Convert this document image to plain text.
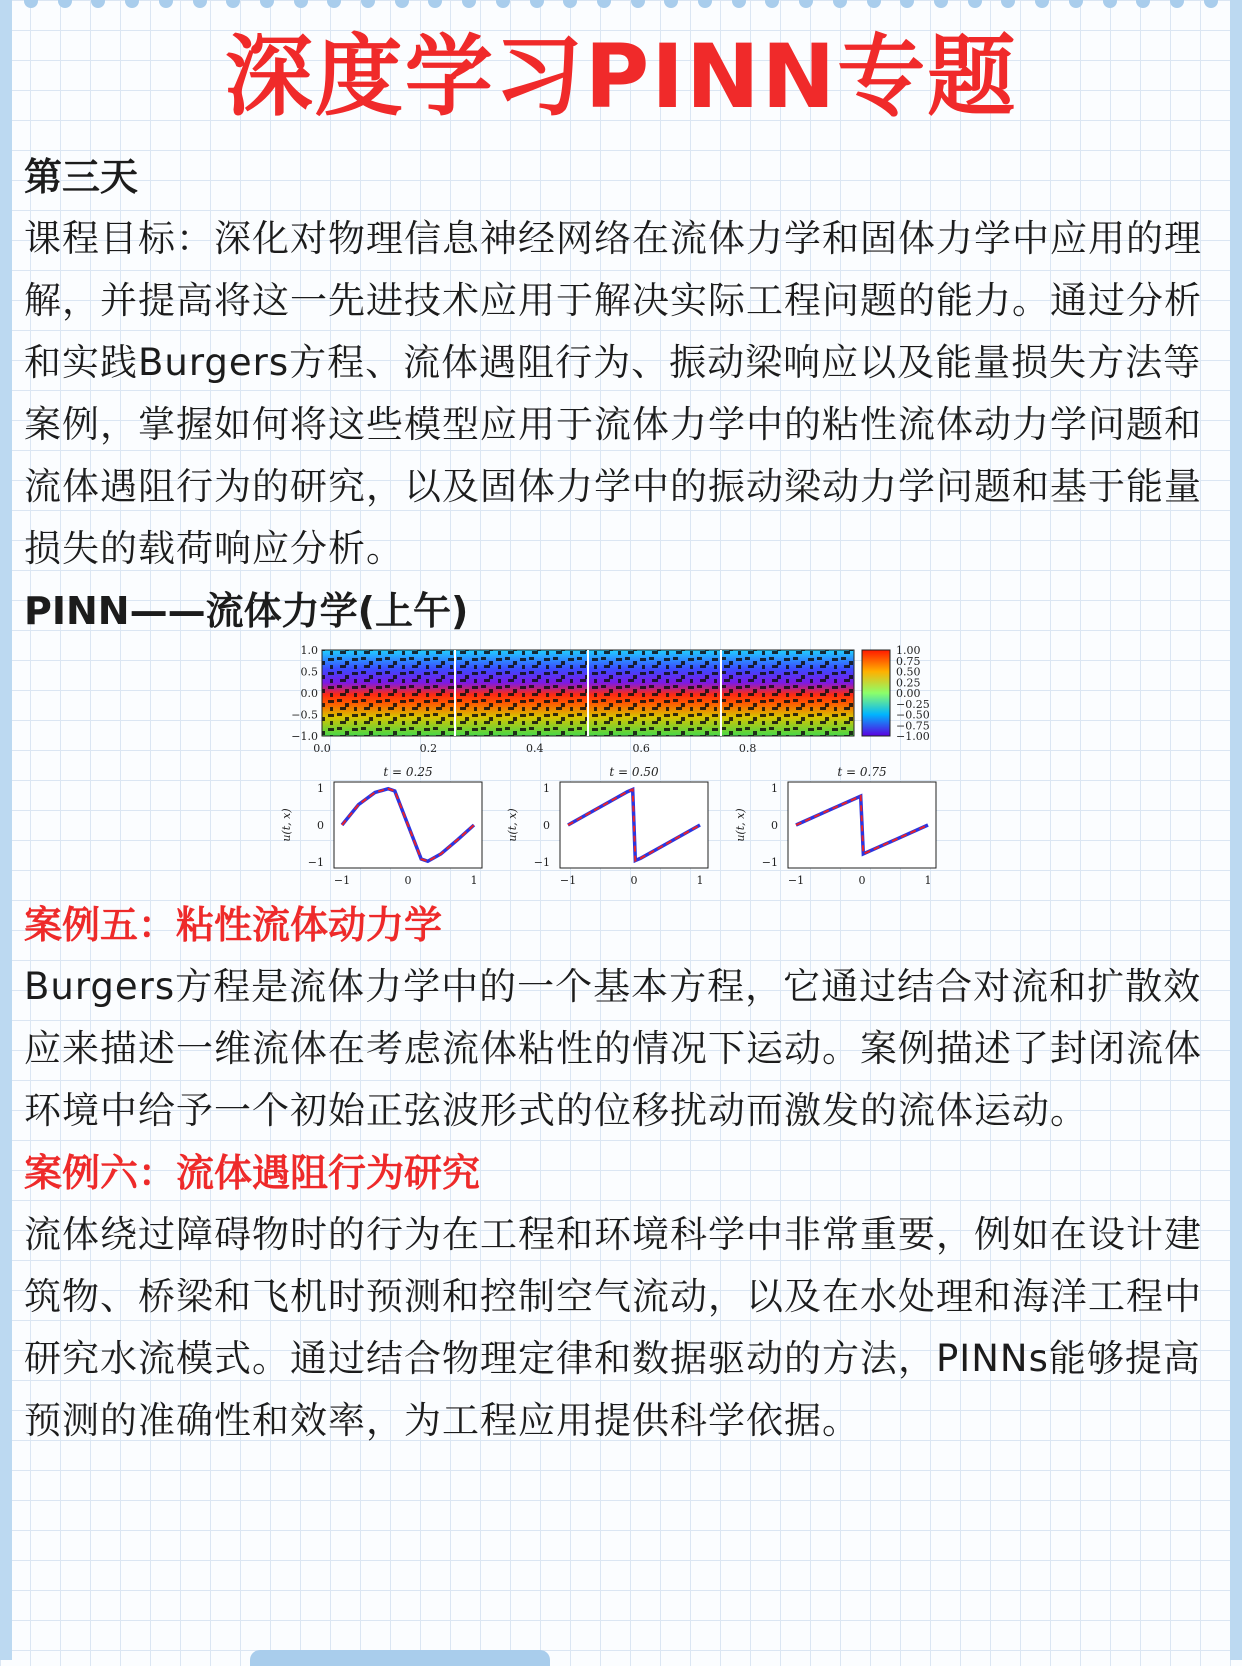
深度学习PINN专题

第三天

课程目标：深化对物理信息神经网络在流体力学和固体力学中应用的理解，并提高将这一先进技术应用于解决实际工程问题的能力。通过分析和实践Burgers方程、流体遇阻行为、振动梁响应以及能量损失方法等案例，掌握如何将这些模型应用于流体力学中的粘性流体动力学问题和流体遇阻行为的研究，以及固体力学中的振动梁动力学问题和基于能量损失的载荷响应分析。

PINN——流体力学(上午)

1.0
0.5
0.0
−0.5
−1.0
0.0	0.2	0.4	0.6	0.8
1.00
0.75
0.50
0.25
0.00
−0.25
−0.50
−0.75
−1.00
t = 0.25
u(t, x)
1
0
−1
−1	0	1
t = 0.50
u(t, x)
1
0
−1
−1	0	1
t = 0.75
u(t, x)
1
0
−1
−1	0	1

案例五：粘性流体动力学

Burgers方程是流体力学中的一个基本方程，它通过结合对流和扩散效应来描述一维流体在考虑流体粘性的情况下运动。案例描述了封闭流体环境中给予一个初始正弦波形式的位移扰动而激发的流体运动。

案例六：流体遇阻行为研究

流体绕过障碍物时的行为在工程和环境科学中非常重要，例如在设计建筑物、桥梁和飞机时预测和控制空气流动，以及在水处理和海洋工程中研究水流模式。通过结合物理定律和数据驱动的方法，PINNs能够提高预测的准确性和效率，为工程应用提供科学依据。
